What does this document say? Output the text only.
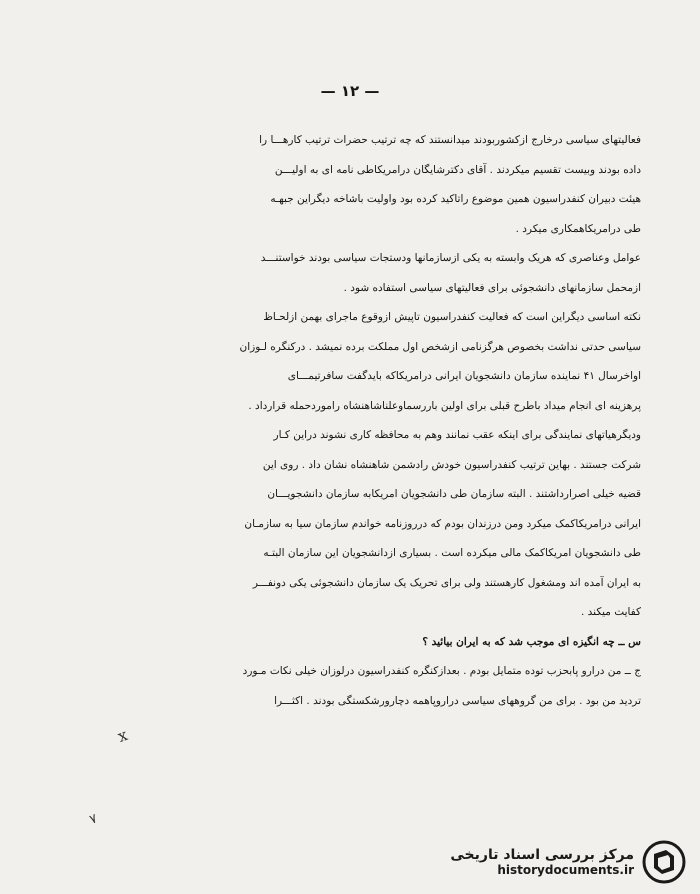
— ١٢ —
فعالیتهای سیاسی درخارج ازکشوربودند میدانستند که چه ترتیب حضرات ترتیب کارهـــا را
داده بودند وبیست تقسیم میکردند . آقای دکترشایگان درامریکاطی نامه ای به اولیـــن
هیئت دبیران کنفدراسیون همین موضوع راتاکید کرده بود واولیت باشاخه دیگراین جبهـه
طی درامریکاهمکاری میکرد .
عوامل وعناصری که هریک وابسته به یکی ازسازمانها ودستجات سیاسی بودند خواستنـــد
ازمحمل سازمانهای دانشجوئی برای فعالیتهای سیاسی استفاده شود .
نکته اساسی دیگراین است که فعالیت کنفدراسیون تاپیش ازوقوع ماجرای بهمن ازلحـاظ
سیاسی حدتی نداشت بخصوص هرگزنامی ازشخص اول مملکت برده نمیشد . درکنگره لـوزان
اواخرسال ۴۱ نماینده سازمان دانشجویان ایرانی درامریکاکه بایدگفت سافرتیمـــای
پرهزینه ای انجام میداد باطرح قبلی برای اولین باررسماوعلناشاهنشاه راموردحمله قرارداد .
ودیگرهیاتهای نمایندگی برای اینکه عقب نمانند وهم به محافظه کاری نشوند دراین کـار
شرکت جستند . بهاین ترتیب کنفدراسیون خودش رادشمن شاهنشاه نشان داد . روی این
قضیه خیلی اصرارداشتند . البته سازمان طی دانشجویان امریکابه سازمان دانشجویـــان
ایرانی درامریکاکمک میکرد ومن درزندان بودم که درروزنامه خواندم سازمان سیا به سازمـان
طی دانشجویان امریکاکمک مالی میکرده است . بسیاری ازدانشجویان این سازمان البتـه
به ایران آمده اند ومشغول کارهستند ولی برای تحریک یک سازمان دانشجوئی یکی دونفـــر
کفایت میکند .
س ــ چه انگیزه ای موجب شد که به ایران بیائید ؟
ج ــ من درارو پابحزب توده متمایل بودم . بعدازکنگره کنفدراسیون درلوزان خیلی نکات مـورد
تردید من بود . برای من گروههای سیاسی دراروپاهمه دچارورشکستگی بودند . اکثـــرا
x
٧
مرکز بررسی اسناد تاریخی
historydocuments.ir
